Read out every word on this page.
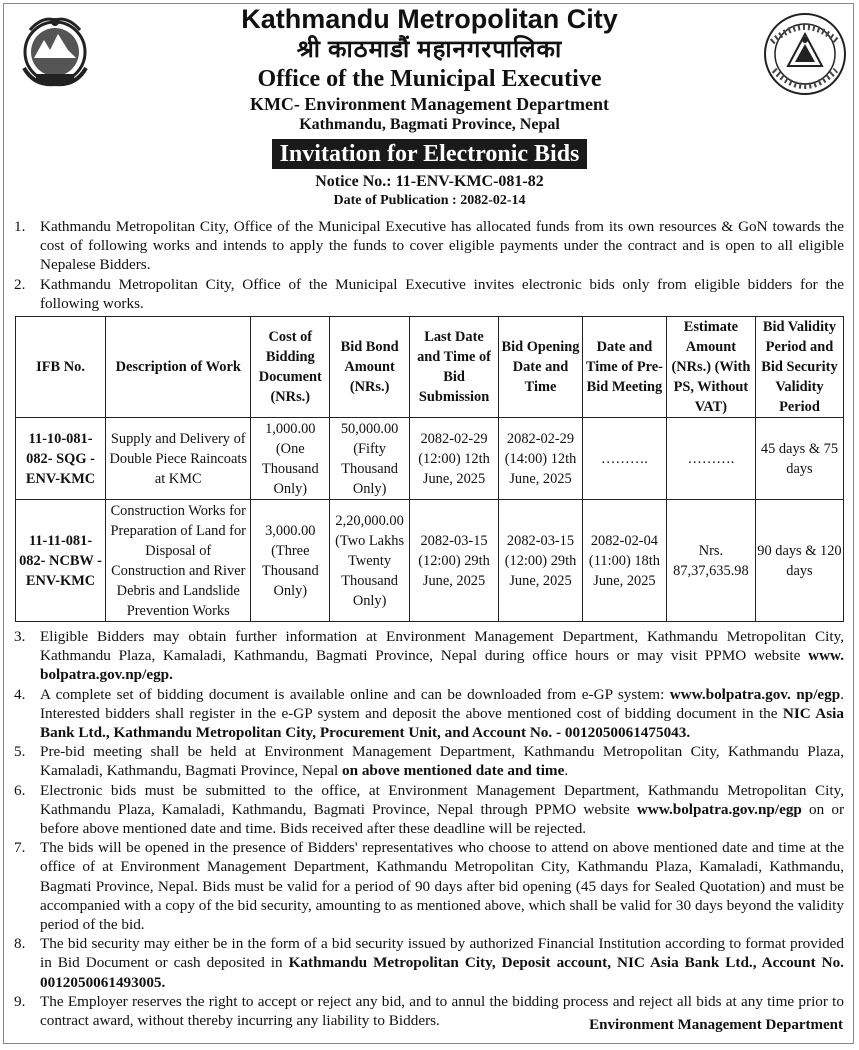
Kathmandu Metropolitan City
श्री काठमाडौं महानगरपालिका
Office of the Municipal Executive
KMC- Environment Management Department
Kathmandu, Bagmati Province, Nepal
Invitation for Electronic Bids
Notice No.: 11-ENV-KMC-081-82
Date of Publication : 2082-02-14
1. Kathmandu Metropolitan City, Office of the Municipal Executive has allocated funds from its own resources & GoN towards the cost of following works and intends to apply the funds to cover eligible payments under the contract and is open to all eligible Nepalese Bidders.
2. Kathmandu Metropolitan City, Office of the Municipal Executive invites electronic bids only from eligible bidders for the following works.
IFB No.	Description of Work	Cost of Bidding Document (NRs.)	Bid Bond Amount (NRs.)	Last Date and Time of Bid Submission	Bid Opening Date and Time	Date and Time of Pre-Bid Meeting	Estimate Amount (NRs.) (With PS, Without VAT)	Bid Validity Period and Bid Security Validity Period
11-10-081-082- SQG -ENV-KMC	Supply and Delivery of Double Piece Raincoats at KMC	1,000.00 (One Thousand Only)	50,000.00 (Fifty Thousand Only)	2082-02-29 (12:00) 12th June, 2025	2082-02-29 (14:00) 12th June, 2025	……….	……….	45 days & 75 days
11-11-081-082- NCBW -ENV-KMC	Construction Works for Preparation of Land for Disposal of Construction and River Debris and Landslide Prevention Works	3,000.00 (Three Thousand Only)	2,20,000.00 (Two Lakhs Twenty Thousand Only)	2082-03-15 (12:00) 29th June, 2025	2082-03-15 (12:00) 29th June, 2025	2082-02-04 (11:00) 18th June, 2025	Nrs. 87,37,635.98	90 days & 120 days
3. Eligible Bidders may obtain further information at Environment Management Department, Kathmandu Metropolitan City, Kathmandu Plaza, Kamaladi, Kathmandu, Bagmati Province, Nepal during office hours or may visit PPMO website www. bolpatra.gov.np/egp.
4. A complete set of bidding document is available online and can be downloaded from e-GP system: www.bolpatra.gov. np/egp. Interested bidders shall register in the e-GP system and deposit the above mentioned cost of bidding document in the NIC Asia Bank Ltd., Kathmandu Metropolitan City, Procurement Unit, and Account No. - 0012050061475043.
5. Pre-bid meeting shall be held at Environment Management Department, Kathmandu Metropolitan City, Kathmandu Plaza, Kamaladi, Kathmandu, Bagmati Province, Nepal on above mentioned date and time.
6. Electronic bids must be submitted to the office, at Environment Management Department, Kathmandu Metropolitan City, Kathmandu Plaza, Kamaladi, Kathmandu, Bagmati Province, Nepal through PPMO website www.bolpatra.gov.np/egp on or before above mentioned date and time. Bids received after these deadline will be rejected.
7. The bids will be opened in the presence of Bidders' representatives who choose to attend on above mentioned date and time at the office of at Environment Management Department, Kathmandu Metropolitan City, Kathmandu Plaza, Kamaladi, Kathmandu, Bagmati Province, Nepal. Bids must be valid for a period of 90 days after bid opening (45 days for Sealed Quotation) and must be accompanied with a copy of the bid security, amounting to as mentioned above, which shall be valid for 30 days beyond the validity period of the bid.
8. The bid security may either be in the form of a bid security issued by authorized Financial Institution according to format provided in Bid Document or cash deposited in Kathmandu Metropolitan City, Deposit account, NIC Asia Bank Ltd., Account No. 0012050061493005.
9. The Employer reserves the right to accept or reject any bid, and to annul the bidding process and reject all bids at any time prior to contract award, without thereby incurring any liability to Bidders.	Environment Management Department
